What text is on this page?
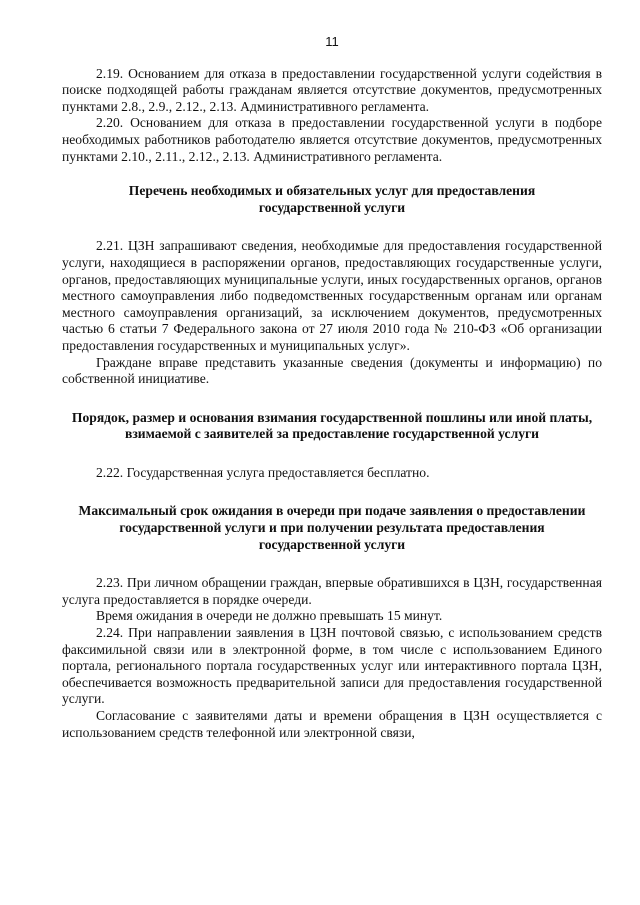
11

2.19. Основанием для отказа в предоставлении государственной услуги содействия в поиске подходящей работы гражданам является отсутствие документов, предусмотренных пунктами 2.8., 2.9., 2.12., 2.13. Административного регламента.

2.20. Основанием для отказа в предоставлении государственной услуги в подборе необходимых работников работодателю является отсутствие документов, предусмотренных пунктами 2.10., 2.11., 2.12., 2.13. Административного регламента.

Перечень необходимых и обязательных услуг для предоставления государственной услуги

2.21. ЦЗН запрашивают сведения, необходимые для предоставления государственной услуги, находящиеся в распоряжении органов, предоставляющих государственные услуги, органов, предоставляющих муниципальные услуги, иных государственных органов, органов местного самоуправления либо подведомственных государственным органам или органам местного самоуправления организаций, за исключением документов, предусмотренных частью 6 статьи 7 Федерального закона от 27 июля 2010 года № 210-ФЗ «Об организации предоставления государственных и муниципальных услуг».

Граждане вправе представить указанные сведения (документы и информацию) по собственной инициативе.

Порядок, размер и основания взимания государственной пошлины или иной платы, взимаемой с заявителей за предоставление государственной услуги

2.22. Государственная услуга предоставляется бесплатно.

Максимальный срок ожидания в очереди при подаче заявления о предоставлении государственной услуги и при получении результата предоставления государственной услуги

2.23. При личном обращении граждан, впервые обратившихся в ЦЗН, государственная услуга предоставляется в порядке очереди.

Время ожидания в очереди не должно превышать 15 минут.

2.24. При направлении заявления в ЦЗН почтовой связью, с использованием средств факсимильной связи или в электронной форме, в том числе с использованием Единого портала, регионального портала государственных услуг или интерактивного портала ЦЗН, обеспечивается возможность предварительной записи для предоставления государственной услуги.

Согласование с заявителями даты и времени обращения в ЦЗН осуществляется с использованием средств телефонной или электронной связи,
